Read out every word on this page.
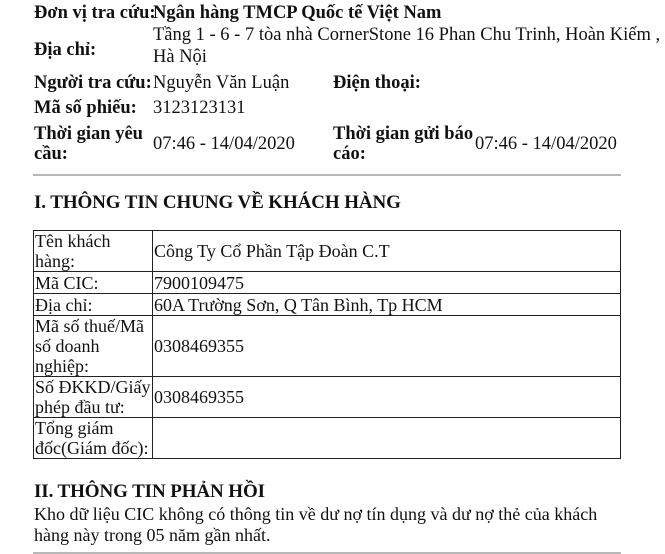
Đơn vị tra cứu:
Ngân hàng TMCP Quốc tế Việt Nam
Địa chỉ:
Tầng 1 - 6 - 7 tòa nhà CornerStone 16 Phan Chu Trinh, Hoàn Kiếm ,
Hà Nội
Người tra cứu: Nguyễn Văn Luận Điện thoại:
Mã số phiếu: 3123123131
Thời gian yêu
cầu:	07:46 - 14/04/2020 Thời gian gửi báo
cáo:	07:46 - 14/04/2020
I. THÔNG TIN CHUNG VỀ KHÁCH HÀNG
Tên khách hàng:	Công Ty Cổ Phần Tập Đoàn C.T
Mã CIC:	7900109475
Địa chỉ:	60A Trường Sơn, Q Tân Bình, Tp HCM

Mã số thuế/Mã
số doanh
nghiệp:	0308469355

Số ĐKKD/Giấy
phép đầu tư:	0308469355

Tổng giám
đốc(Giám đốc):	

II. THÔNG TIN PHẢN HỒI
Kho dữ liệu CIC không có thông tin về dư nợ tín dụng và dư nợ thẻ của khách hàng này trong 05 năm gần nhất.
